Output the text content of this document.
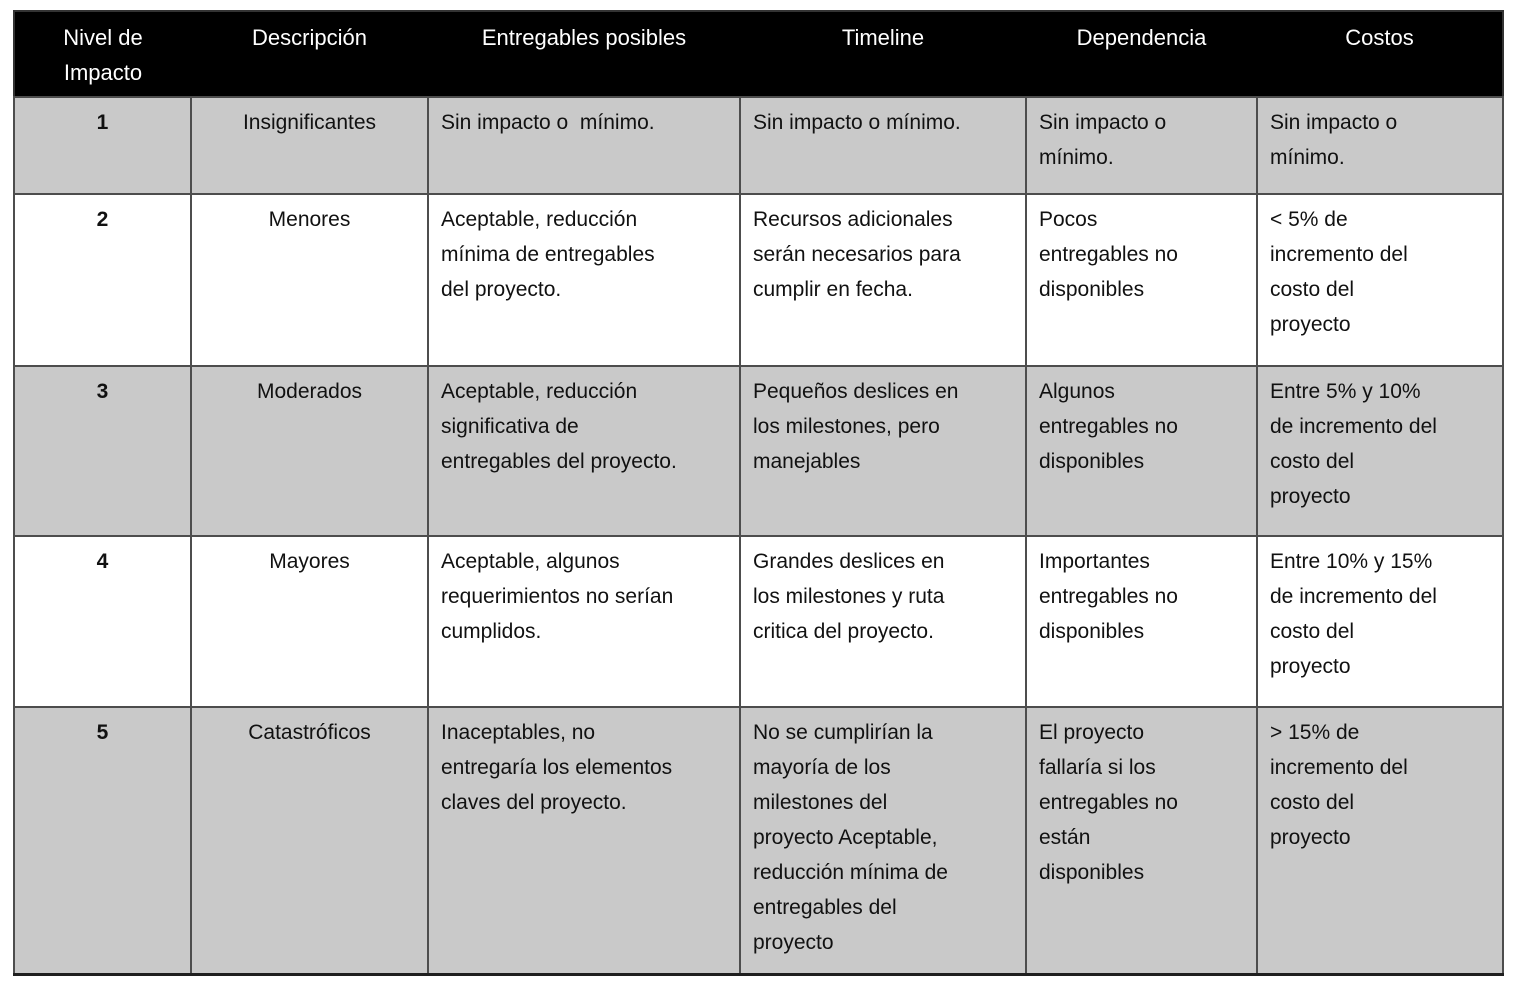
Nivel de Impacto	Descripción	Entregables posibles	Timeline	Dependencia	Costos
1	Insignificantes	Sin impacto o  mínimo.	Sin impacto o mínimo.	Sin impacto o mínimo.	Sin impacto o mínimo.
2	Menores	Aceptable, reducción mínima de entregables del proyecto.	Recursos adicionales serán necesarios para cumplir en fecha.	Pocos entregables no disponibles	< 5% de incremento del costo del proyecto
3	Moderados	Aceptable, reducción significativa de entregables del proyecto.	Pequeños deslices en los milestones, pero manejables	Algunos entregables no disponibles	Entre 5% y 10% de incremento del costo del proyecto
4	Mayores	Aceptable, algunos requerimientos no serían cumplidos.	Grandes deslices en los milestones y ruta critica del proyecto.	Importantes entregables no disponibles	Entre 10% y 15% de incremento del costo del proyecto
5	Catastróficos	Inaceptables, no entregaría los elementos claves del proyecto.	No se cumplirían la mayoría de los milestones del proyecto Aceptable, reducción mínima de entregables del proyecto	El proyecto fallaría si los entregables no están disponibles	> 15% de incremento del costo del proyecto
